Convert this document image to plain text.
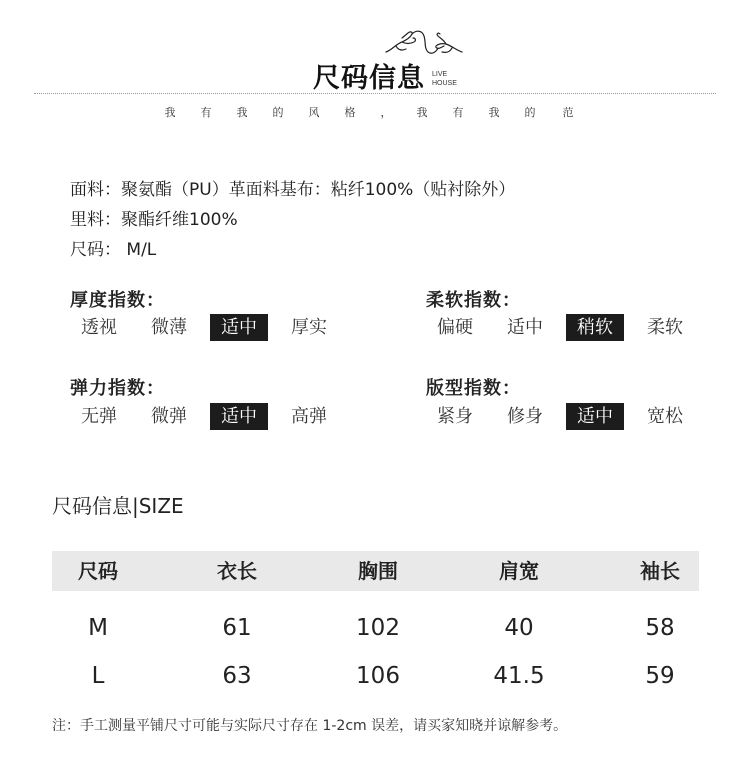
尺码信息 LIVE
HOUSE
我 有 我 的 风 格 ， 我 有 我 的 范
面料：聚氨酯（PU）革面料基布：粘纤100%（贴衬除外）
里料：聚酯纤维100%
尺码： M/L
厚度指数：
透视	微薄	适中	厚实
柔软指数：
偏硬	适中	稍软	柔软
弹力指数：
无弹	微弹	适中	高弹
版型指数：
紧身	修身	适中	宽松
尺码信息|SIZE
尺码	衣长	胸围	肩宽	袖长
M	61	102	40	58
L	63	106	41.5	59
注：手工测量平铺尺寸可能与实际尺寸存在 1-2cm 误差，请买家知晓并谅解参考。
